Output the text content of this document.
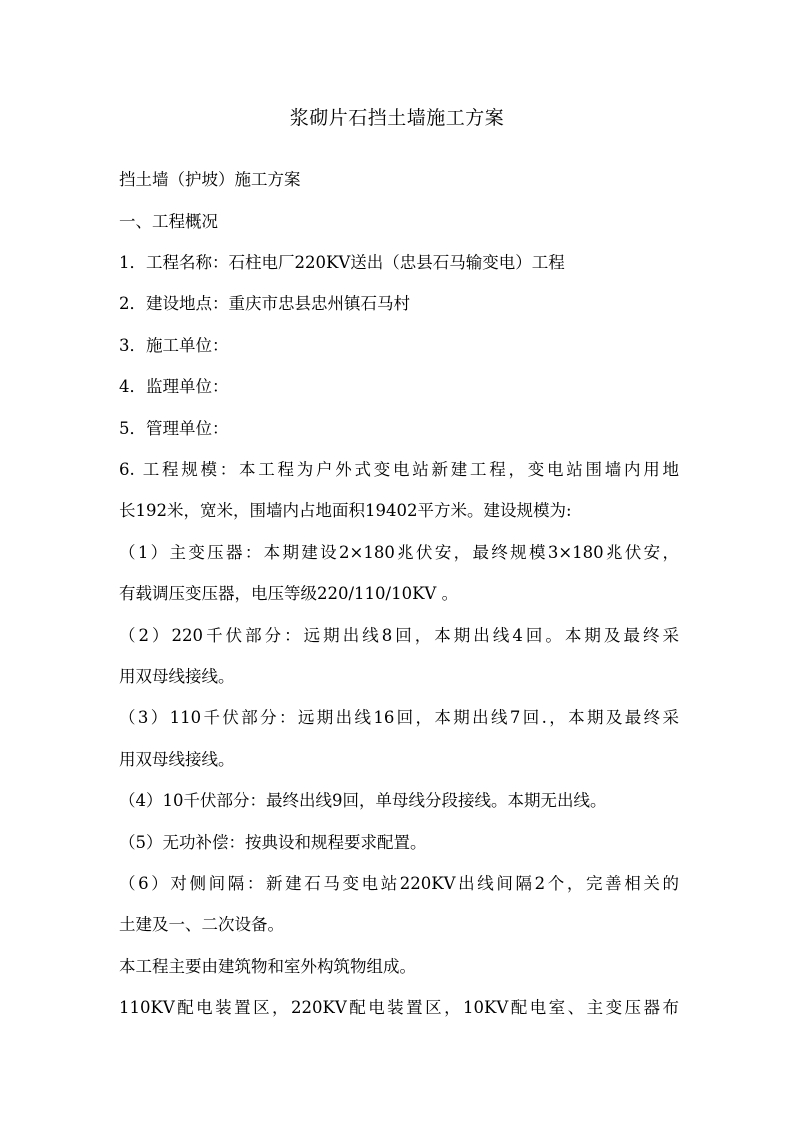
浆砌片石挡土墙施工方案
挡土墙（护坡）施工方案
一、工程概况
1．工程名称：石柱电厂220KV送出（忠县石马输变电）工程
2．建设地点：重庆市忠县忠州镇石马村
3．施工单位：
4．监理单位：
5．管理单位：
6. 工程规模：本工程为户外式变电站新建工程，变电站围墙内用地
长192米，宽米，围墙内占地面积19402平方米。建设规模为:
（1）主变压器：本期建设2×180兆伏安，最终规模3×180兆伏安，
有载调压变压器，电压等级220/110/10KV 。
（2）220千伏部分：远期出线8回，本期出线4回。本期及最终采
用双母线接线。
（3）110千伏部分：远期出线16回，本期出线7回.，本期及最终采
用双母线接线。
（4）10千伏部分：最终出线9回，单母线分段接线。本期无出线。
（5）无功补偿：按典设和规程要求配置。
（6）对侧间隔：新建石马变电站220KV出线间隔2个，完善相关的
土建及一、二次设备。
本工程主要由建筑物和室外构筑物组成。
110KV配电装置区，220KV配电装置区，10KV配电室、主变压器布
